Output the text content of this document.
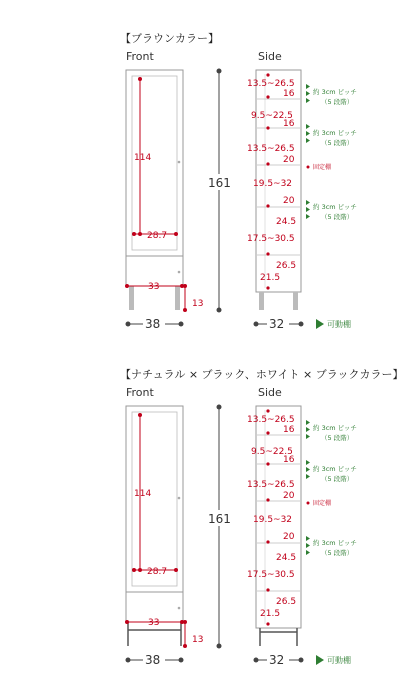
【ブラウンカラー】
Front	Side
114
28.7
33
13
161
13.5~26.5
16
9.5~22.5
16
13.5~26.5
20
19.5~32
20
24.5
17.5~30.5
26.5
21.5
約 3cm ピッチ
（5 段階）
約 3cm ピッチ
（5 段階）
固定棚
約 3cm ピッチ
（5 段階）
38	32	可動棚
【ナチュラル × ブラック、ホワイト × ブラックカラー】
Front	Side
114
28.7
33
13
161
13.5~26.5
16
9.5~22.5
16
13.5~26.5
20
19.5~32
20
24.5
17.5~30.5
26.5
21.5
約 3cm ピッチ
（5 段階）
約 3cm ピッチ
（5 段階）
固定棚
約 3cm ピッチ
（5 段階）
38	32	可動棚
